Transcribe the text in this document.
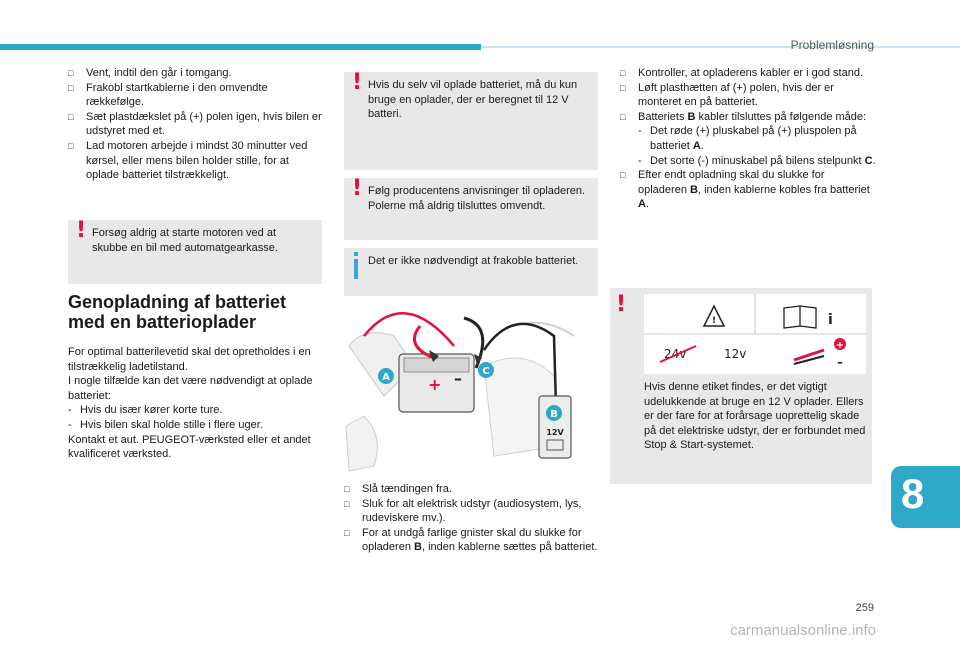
Problemløsning
□ Vent, indtil den går i tomgang.
□ Frakobl startkablerne i den omvendte rækkefølge.
□ Sæt plastdækslet på (+) polen igen, hvis bilen er udstyret med et.
□ Lad motoren arbejde i mindst 30 minutter ved kørsel, eller mens bilen holder stille, for at oplade batteriet tilstrækkeligt.
! Forsøg aldrig at starte motoren ved at skubbe en bil med automatgearkasse.
Genopladning af batteriet med en batterioplader
For optimal batterilevetid skal det opretholdes i en tilstrækkelig ladetilstand.
I nogle tilfælde kan det være nødvendigt at oplade batteriet:
- Hvis du især kører korte ture.
- Hvis bilen skal holde stille i flere uger.
Kontakt et aut. PEUGEOT-værksted eller et andet kvalificeret værksted.
! Hvis du selv vil oplade batteriet, må du kun bruge en oplader, der er beregnet til 12 V batteri.
! Følg producentens anvisninger til opladeren.
Polerne må aldrig tilsluttes omvendt.
Det er ikke nødvendigt at frakoble batteriet.
+ –
A
C
B
12V
□ Slå tændingen fra.
□ Sluk for alt elektrisk udstyr (audiosystem, lys, rudeviskere mv.).
□ For at undgå farlige gnister skal du slukke for opladeren B, inden kablerne sættes på batteriet.
□ Kontroller, at opladerens kabler er i god stand.
□ Løft plasthætten af (+) polen, hvis der er monteret en på batteriet.
□ Batteriets B kabler tilsluttes på følgende måde:
- Det røde (+) pluskabel på (+) pluspolen på batteriet A.
- Det sorte (-) minuskabel på bilens stelpunkt C.
□ Efter endt opladning skal du slukke for opladeren B, inden kablerne kobles fra batteriet A.
!
!	i
24v	12v
+
–
Hvis denne etiket findes, er det vigtigt udelukkende at bruge en 12 V oplader. Ellers er der fare for at forårsage uoprettelig skade på det elektriske udstyr, der er forbundet med Stop & Start-systemet.
8
259
carmanualsonline.info
